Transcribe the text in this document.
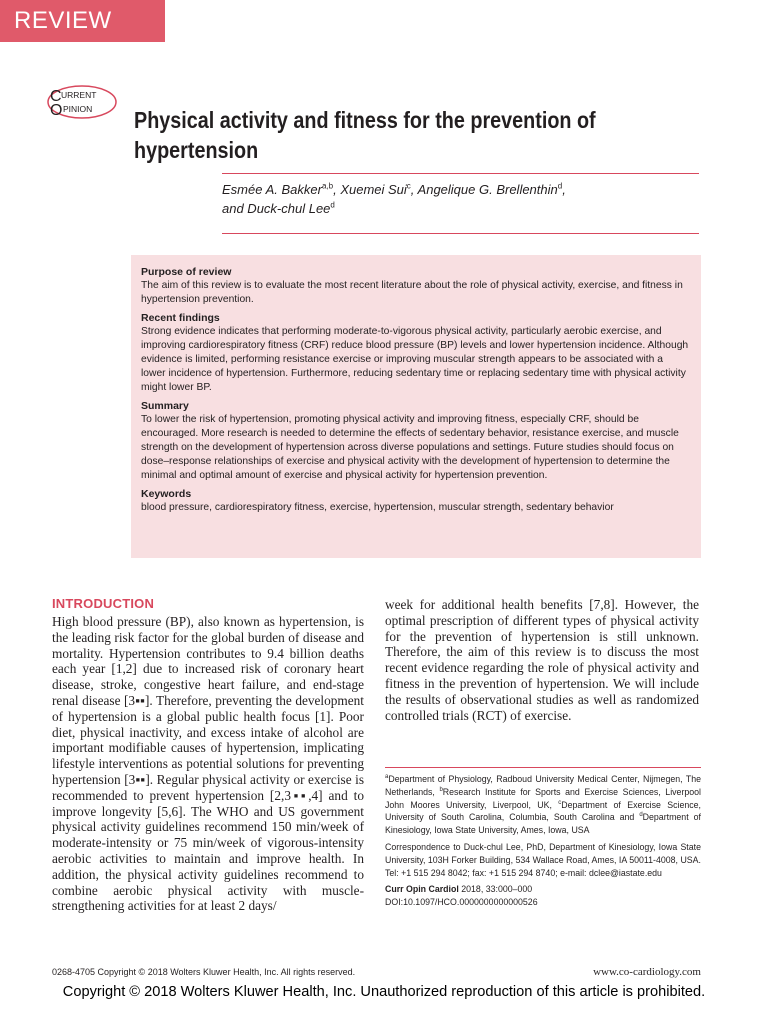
REVIEW
C URRENT
O PINION Physical activity and fitness for the prevention of hypertension
Esmée A. Bakker$^{a,b}$, Xuemei Sui$^c$, Angelique G. Brellenthin$^d$,
and Duck-chul Lee$^d$
Purpose of review

The aim of this review is to evaluate the most recent literature about the role of physical activity, exercise, and fitness in hypertension prevention.

Recent findings

Strong evidence indicates that performing moderate-to-vigorous physical activity, particularly aerobic exercise, and improving cardiorespiratory fitness (CRF) reduce blood pressure (BP) levels and lower hypertension incidence. Although evidence is limited, performing resistance exercise or improving muscular strength appears to be associated with a lower incidence of hypertension. Furthermore, reducing sedentary time or replacing sedentary time with physical activity might lower BP.

Summary

To lower the risk of hypertension, promoting physical activity and improving fitness, especially CRF, should be encouraged. More research is needed to determine the effects of sedentary behavior, resistance exercise, and muscle strength on the development of hypertension across diverse populations and settings. Future studies should focus on dose–response relationships of exercise and physical activity with the development of hypertension to determine the minimal and optimal amount of exercise and physical activity for hypertension prevention.

Keywords

blood pressure, cardiorespiratory fitness, exercise, hypertension, muscular strength, sedentary behavior

INTRODUCTION
High blood pressure (BP), also known as hypertension, is the leading risk factor for the global burden of disease and mortality. Hypertension contributes to 9.4 billion deaths each year [1,2] due to increased risk of coronary heart disease, stroke, congestive heart failure, and end-stage renal disease [3▪▪]. Therefore, preventing the development of hypertension is a global public health focus [1]. Poor diet, physical inactivity, and excess intake of alcohol are important modifiable causes of hypertension, implicating lifestyle interventions as potential solutions for preventing hypertension [3▪▪]. Regular physical activity or exercise is recommended to prevent hypertension [2,3▪▪,4] and to improve longevity [5,6]. The WHO and US government physical activity guidelines recommend 150 min/week of moderate-intensity or 75 min/week of vigorous-intensity aerobic activities to maintain and improve health. In addition, the physical activity guidelines recommend to combine aerobic physical activity with muscle-strengthening activities for at least 2 days/
week for additional health benefits [7,8]. However, the optimal prescription of different types of physical activity for the prevention of hypertension is still unknown. Therefore, the aim of this review is to discuss the most recent evidence regarding the role of physical activity and fitness in the prevention of hypertension. We will include the results of observational studies as well as randomized controlled trials (RCT) of exercise.

$^a$Department of Physiology, Radboud University Medical Center, Nijmegen, The Netherlands, $^b$Research Institute for Sports and Exercise Sciences, Liverpool John Moores University, Liverpool, UK, $^c$Department of Exercise Science, University of South Carolina, Columbia, South Carolina and $^d$Department of Kinesiology, Iowa State University, Ames, Iowa, USA

Correspondence to Duck-chul Lee, PhD, Department of Kinesiology, Iowa State University, 103H Forker Building, 534 Wallace Road, Ames, IA 50011-4008, USA. Tel: +1 515 294 8042; fax: +1 515 294 8740; e-mail: dclee@iastate.edu

Curr Opin Cardiol 2018, 33:000–000
DOI:10.1097/HCO.0000000000000526
0268-4705 Copyright © 2018 Wolters Kluwer Health, Inc. All rights reserved.	www.co-cardiology.com
Copyright © 2018 Wolters Kluwer Health, Inc. Unauthorized reproduction of this article is prohibited.
